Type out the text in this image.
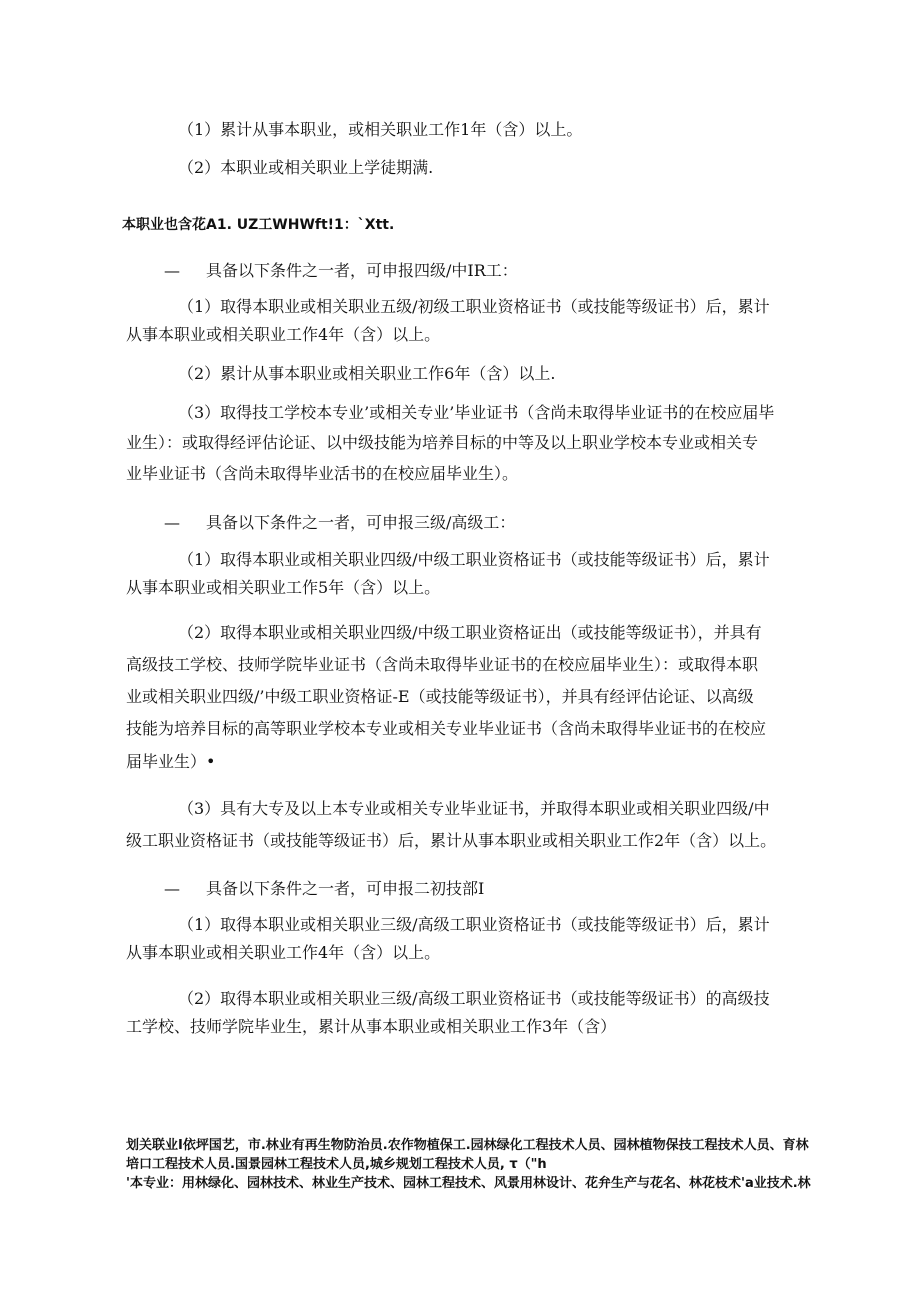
（1）累计从事本职业，或相关职业工作1年（含）以上。
（2）本职业或相关职业上学徒期满.
本职业也含花A1. UZ工WHWft!1：`Xtt.
— 具备以下条件之一者，可申报四级/中IR工：
（1）取得本职业或相关职业五级/初级工职业资格证书（或技能等级证书）后，累计
从事本职业或相关职业工作4年（含）以上。
（2）累计从事本职业或相关职业工作6年（含）以上.
（3）取得技工学校本专业’或相关专业’毕业证书（含尚未取得毕业证书的在校应届毕
业生）：或取得经评估论证、以中级技能为培养目标的中等及以上职业学校本专业或相关专
业毕业证书（含尚未取得毕业活书的在校应届毕业生）。
— 具备以下条件之一者，可申报三级/高级工：
（1）取得本职业或相关职业四级/中级工职业资格证书（或技能等级证书）后，累计
从事本职业或相关职业工作5年（含）以上。
（2）取得本职业或相关职业四级/中级工职业资格证出（或技能等级证书），并具有
高级技工学校、技师学院毕业证书（含尚未取得毕业证书的在校应届毕业生）：或取得本职
业或相关职业四级/’中级工职业资格证-E（或技能等级证书），并具有经评估论证、以高级
技能为培养目标的高等职业学校本专业或相关专业毕业证书（含尚未取得毕业证书的在校应
届毕业生）•
（3）具有大专及以上本专业或相关专业毕业证书，并取得本职业或相关职业四级/中
级工职业资格证书（或技能等级证书）后，累计从事本职业或相关职业工作2年（含）以上。
— 具备以下条件之一者，可申报二初技部I
（1）取得本职业或相关职业三级/高级工职业资格证书（或技能等级证书）后，累计
从事本职业或相关职业工作4年（含）以上。
（2）取得本职业或相关职业三级/高级工职业资格证书（或技能等级证书）的高级技
工学校、技师学院毕业生，累计从事本职业或相关职业工作3年（含）
划关联业I依坪国艺，市.林业有再生物防治员.农作物植保工.园林绿化工程技术人员、园林植物保技工程技术人员、育林
培口工程技术人员.国景园林工程技术人员,城乡规划工程技术人员, τ（"h
'本专业：用林绿化、园林技术、林业生产技术、园林工程技术、风景用林设计、花弁生产与花名、林花枝术'a业技术.林
